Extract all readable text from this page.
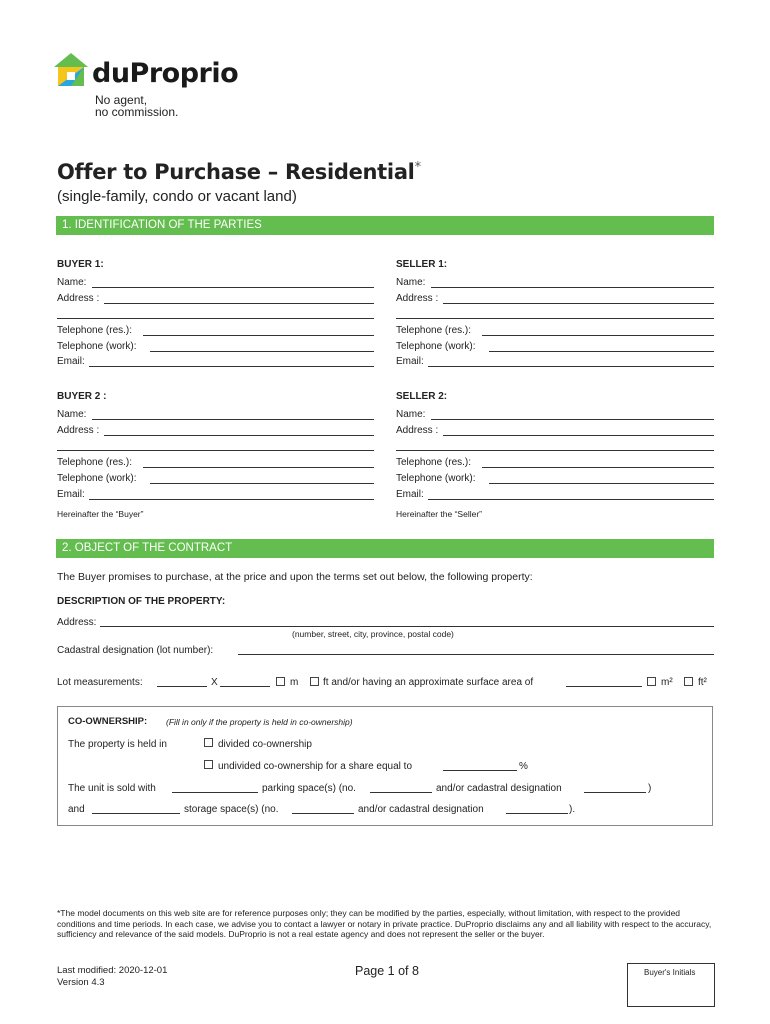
duProprio
No agent,
no commission.
Offer to Purchase – Residential*
(single-family, condo or vacant land)
1. IDENTIFICATION OF THE PARTIES
BUYER 1:
Name:
Address :
Telephone (res.):
Telephone (work):
Email:
SELLER 1:
Name:
Address :
Telephone (res.):
Telephone (work):
Email:
BUYER 2 :
Name:
Address :
Telephone (res.):
Telephone (work):
Email:
Hereinafter the “Buyer”
SELLER 2:
Name:
Address :
Telephone (res.):
Telephone (work):
Email:
Hereinafter the “Seller”
2. OBJECT OF THE CONTRACT
The Buyer promises to purchase, at the price and upon the terms set out below, the following property:
DESCRIPTION OF THE PROPERTY:
Address:
(number, street, city, province, postal code)
Cadastral designation (lot number):
Lot measurements:	X	m ft and/or having an approximate surface area of	m²	ft²
CO-OWNERSHIP: (Fill in only if the property is held in co-ownership)
The property is held in	divided co-ownership
undivided co-ownership for a share equal to	%
The unit is sold with	parking space(s) (no.	and/or cadastral designation	)
and	storage space(s) (no.	and/or cadastral designation	).
*The model documents on this web site are for reference purposes only; they can be modified by the parties, especially, without limitation, with respect to the provided conditions and time periods. In each case, we advise you to contact a lawyer or notary in private practice. DuProprio disclaims any and all liability with respect to the accuracy, sufficiency and relevance of the said models. DuProprio is not a real estate agency and does not represent the seller or the buyer.
Last modified: 2020-12-01
Version 4.3
Page 1 of 8	Buyer's Initials
